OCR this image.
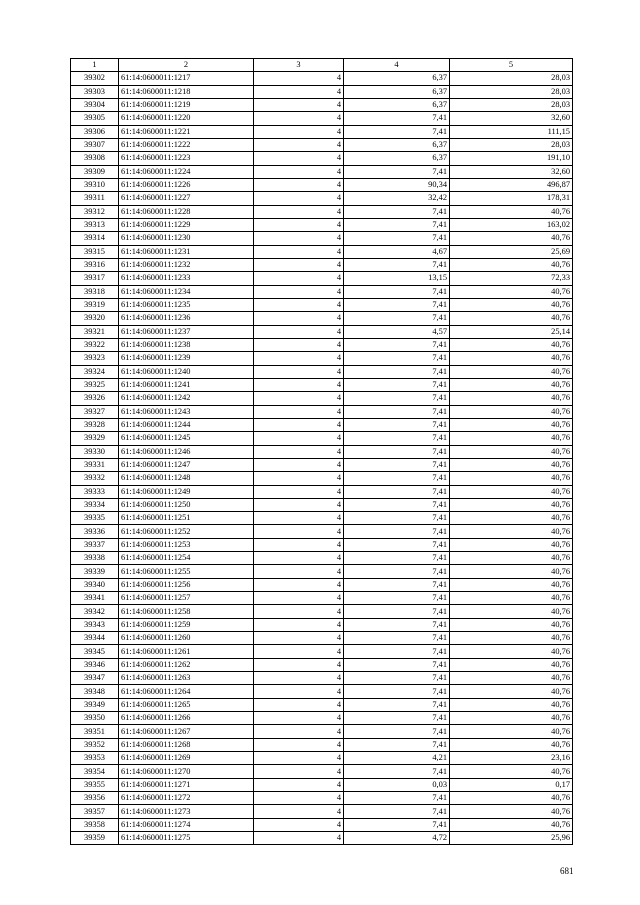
1	2	3	4	5
39302	61:14:0600011:1217	4	6,37	28,03
39303	61:14:0600011:1218	4	6,37	28,03
39304	61:14:0600011:1219	4	6,37	28,03
39305	61:14:0600011:1220	4	7,41	32,60
39306	61:14:0600011:1221	4	7,41	111,15
39307	61:14:0600011:1222	4	6,37	28,03
39308	61:14:0600011:1223	4	6,37	191,10
39309	61:14:0600011:1224	4	7,41	32,60
39310	61:14:0600011:1226	4	90,34	496,87
39311	61:14:0600011:1227	4	32,42	178,31
39312	61:14:0600011:1228	4	7,41	40,76
39313	61:14:0600011:1229	4	7,41	163,02
39314	61:14:0600011:1230	4	7,41	40,76
39315	61:14:0600011:1231	4	4,67	25,69
39316	61:14:0600011:1232	4	7,41	40,76
39317	61:14:0600011:1233	4	13,15	72,33
39318	61:14:0600011:1234	4	7,41	40,76
39319	61:14:0600011:1235	4	7,41	40,76
39320	61:14:0600011:1236	4	7,41	40,76
39321	61:14:0600011:1237	4	4,57	25,14
39322	61:14:0600011:1238	4	7,41	40,76
39323	61:14:0600011:1239	4	7,41	40,76
39324	61:14:0600011:1240	4	7,41	40,76
39325	61:14:0600011:1241	4	7,41	40,76
39326	61:14:0600011:1242	4	7,41	40,76
39327	61:14:0600011:1243	4	7,41	40,76
39328	61:14:0600011:1244	4	7,41	40,76
39329	61:14:0600011:1245	4	7,41	40,76
39330	61:14:0600011:1246	4	7,41	40,76
39331	61:14:0600011:1247	4	7,41	40,76
39332	61:14:0600011:1248	4	7,41	40,76
39333	61:14:0600011:1249	4	7,41	40,76
39334	61:14:0600011:1250	4	7,41	40,76
39335	61:14:0600011:1251	4	7,41	40,76
39336	61:14:0600011:1252	4	7,41	40,76
39337	61:14:0600011:1253	4	7,41	40,76
39338	61:14:0600011:1254	4	7,41	40,76
39339	61:14:0600011:1255	4	7,41	40,76
39340	61:14:0600011:1256	4	7,41	40,76
39341	61:14:0600011:1257	4	7,41	40,76
39342	61:14:0600011:1258	4	7,41	40,76
39343	61:14:0600011:1259	4	7,41	40,76
39344	61:14:0600011:1260	4	7,41	40,76
39345	61:14:0600011:1261	4	7,41	40,76
39346	61:14:0600011:1262	4	7,41	40,76
39347	61:14:0600011:1263	4	7,41	40,76
39348	61:14:0600011:1264	4	7,41	40,76
39349	61:14:0600011:1265	4	7,41	40,76
39350	61:14:0600011:1266	4	7,41	40,76
39351	61:14:0600011:1267	4	7,41	40,76
39352	61:14:0600011:1268	4	7,41	40,76
39353	61:14:0600011:1269	4	4,21	23,16
39354	61:14:0600011:1270	4	7,41	40,76
39355	61:14:0600011:1271	4	0,03	0,17
39356	61:14:0600011:1272	4	7,41	40,76
39357	61:14:0600011:1273	4	7,41	40,76
39358	61:14:0600011:1274	4	7,41	40,76
39359	61:14:0600011:1275	4	4,72	25,96
681
